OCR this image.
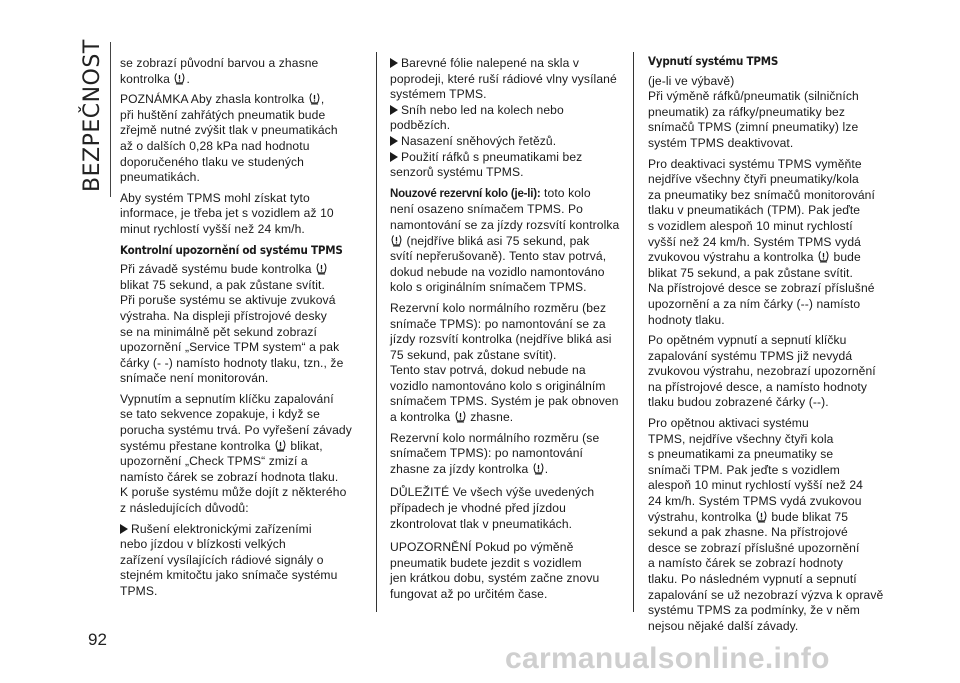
BEZPEČNOST
92

se zobrazí původní barvou a zhasne
kontrolka .

POZNÁMKA Aby zhasla kontrolka ,
při huštění zahřátých pneumatik bude
zřejmě nutné zvýšit tlak v pneumatikách
až o dalších 0,28 kPa nad hodnotu
doporučeného tlaku ve studených
pneumatikách.

Aby systém TPMS mohl získat tyto
informace, je třeba jet s vozidlem až 10
minut rychlostí vyšší než 24 km/h.

Kontrolní upozornění od systému TPMS

Při závadě systému bude kontrolka
blikat 75 sekund, a pak zůstane svítit.
Při poruše systému se aktivuje zvuková
výstraha. Na displeji přístrojové desky
se na minimálně pět sekund zobrazí
upozornění „Service TPM system“ a pak
čárky (- -) namísto hodnoty tlaku, tzn., že
snímače není monitorován.

Vypnutím a sepnutím klíčku zapalování
se tato sekvence zopakuje, i když se
porucha systému trvá. Po vyřešení závady
systému přestane kontrolka blikat,
upozornění „Check TPMS“ zmizí a
namísto čárek se zobrazí hodnota tlaku.
K poruše systému může dojít z některého
z následujících důvodů:

Rušení elektronickými zařízeními
nebo jízdou v blízkosti velkých
zařízení vysílajících rádiové signály o
stejném kmitočtu jako snímače systému
TPMS.

Barevné fólie nalepené na skla v
poprodeji, které ruší rádiové vlny vysílané
systémem TPMS.

Sníh nebo led na kolech nebo
podbězích.

Nasazení sněhových řetězů.

Použití ráfků s pneumatikami bez
senzorů systému TPMS.

Nouzové rezervní kolo (je-li): toto kolo
není osazeno snímačem TPMS. Po
namontování se za jízdy rozsvítí kontrolka
(nejdříve bliká asi 75 sekund, pak
svítí nepřerušovaně). Tento stav potrvá,
dokud nebude na vozidlo namontováno
kolo s originálním snímačem TPMS.

Rezervní kolo normálního rozměru (bez
snímače TPMS): po namontování se za
jízdy rozsvítí kontrolka (nejdříve bliká asi
75 sekund, pak zůstane svítit).
Tento stav potrvá, dokud nebude na
vozidlo namontováno kolo s originálním
snímačem TPMS. Systém je pak obnoven
a kontrolka zhasne.

Rezervní kolo normálního rozměru (se
snímačem TPMS): po namontování
zhasne za jízdy kontrolka .

DŮLEŽITÉ Ve všech výše uvedených
případech je vhodné před jízdou
zkontrolovat tlak v pneumatikách.

UPOZORNĚNÍ Pokud po výměně
pneumatik budete jezdit s vozidlem
jen krátkou dobu, systém začne znovu
fungovat až po určitém čase.

Vypnutí systému TPMS

(je-li ve výbavě)
Při výměně ráfků/pneumatik (silničních
pneumatik) za ráfky/pneumatiky bez
snímačů TPMS (zimní pneumatiky) lze
systém TPMS deaktivovat.

Pro deaktivaci systému TPMS vyměňte
nejdříve všechny čtyři pneumatiky/kola
za pneumatiky bez snímačů monitorování
tlaku v pneumatikách (TPM). Pak jeďte
s vozidlem alespoň 10 minut rychlostí
vyšší než 24 km/h. Systém TPMS vydá
zvukovou výstrahu a kontrolka bude
blikat 75 sekund, a pak zůstane svítit.
Na přístrojové desce se zobrazí příslušné
upozornění a za ním čárky (--) namísto
hodnoty tlaku.

Po opětném vypnutí a sepnutí klíčku
zapalování systému TPMS již nevydá
zvukovou výstrahu, nezobrazí upozornění
na přístrojové desce, a namísto hodnoty
tlaku budou zobrazené čárky (--).

Pro opětnou aktivaci systému
TPMS, nejdříve všechny čtyři kola
s pneumatikami za pneumatiky se
snímači TPM. Pak jeďte s vozidlem
alespoň 10 minut rychlostí vyšší než 24
24 km/h. Systém TPMS vydá zvukovou
výstrahu, kontrolka bude blikat 75
sekund a pak zhasne. Na přístrojové
desce se zobrazí příslušné upozornění
a namísto čárek se zobrazí hodnoty
tlaku. Po následném vypnutí a sepnutí
zapalování se už nezobrazí výzva k opravě
systému TPMS za podmínky, že v něm
nejsou nějaké další závady.

carmanualsonline.info
